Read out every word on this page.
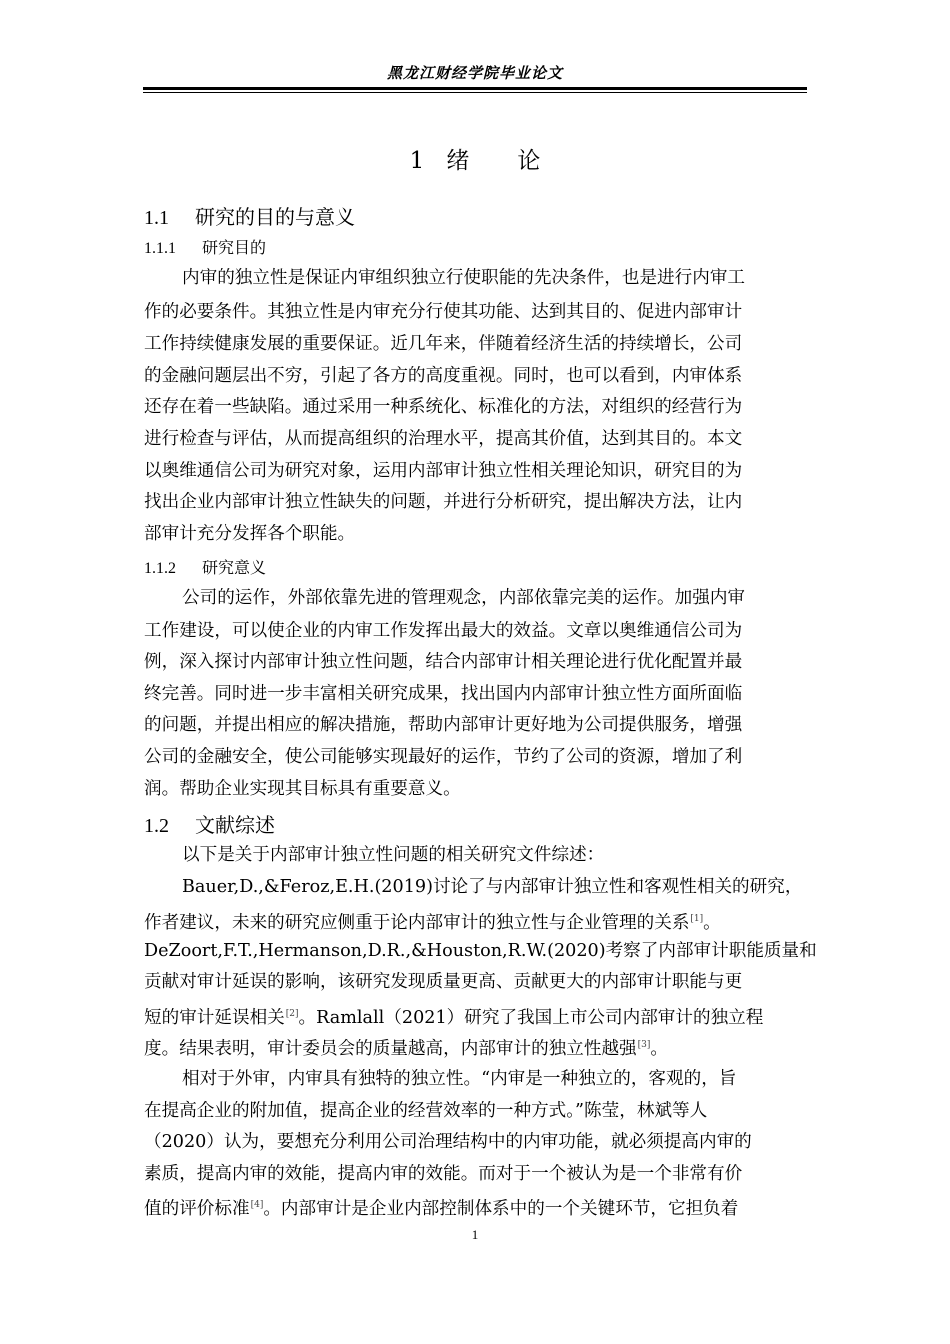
黑龙江财经学院毕业论文
1 绪 论
1.1 研究的目的与意义
1.1.1 研究目的
内审的独立性是保证内审组织独立行使职能的先决条件，也是进行内审工
作的必要条件。其独立性是内审充分行使其功能、达到其目的、促进内部审计
工作持续健康发展的重要保证。近几年来，伴随着经济生活的持续增长，公司
的金融问题层出不穷，引起了各方的高度重视。同时，也可以看到，内审体系
还存在着一些缺陷。通过采用一种系统化、标准化的方法，对组织的经营行为
进行检查与评估，从而提高组织的治理水平，提高其价值，达到其目的。本文
以奥维通信公司为研究对象，运用内部审计独立性相关理论知识，研究目的为
找出企业内部审计独立性缺失的问题，并进行分析研究，提出解决方法，让内
部审计充分发挥各个职能。
1.1.2 研究意义
公司的运作，外部依靠先进的管理观念，内部依靠完美的运作。加强内审
工作建设，可以使企业的内审工作发挥出最大的效益。文章以奥维通信公司为
例，深入探讨内部审计独立性问题，结合内部审计相关理论进行优化配置并最
终完善。同时进一步丰富相关研究成果，找出国内内部审计独立性方面所面临
的问题，并提出相应的解决措施，帮助内部审计更好地为公司提供服务，增强
公司的金融安全，使公司能够实现最好的运作，节约了公司的资源，增加了利
润。帮助企业实现其目标具有重要意义。
1.2 文献综述
以下是关于内部审计独立性问题的相关研究文件综述：
Bauer,D.,&Feroz,E.H.(2019)讨论了与内部审计独立性和客观性相关的研究，
作者建议，未来的研究应侧重于论内部审计的独立性与企业管理的关系[1]。
DeZoort,F.T.,Hermanson,D.R.,&Houston,R.W.(2020)考察了内部审计职能质量和
贡献对审计延误的影响，该研究发现质量更高、贡献更大的内部审计职能与更
短的审计延误相关[2]。Ramlall（2021）研究了我国上市公司内部审计的独立程
度。结果表明，审计委员会的质量越高，内部审计的独立性越强[3]。
相对于外审，内审具有独特的独立性。“内审是一种独立的，客观的，旨
在提高企业的附加值，提高企业的经营效率的一种方式。”陈莹，林斌等人
（2020）认为，要想充分利用公司治理结构中的内审功能，就必须提高内审的
素质，提高内审的效能，提高内审的效能。而对于一个被认为是一个非常有价
值的评价标准[4]。内部审计是企业内部控制体系中的一个关键环节，它担负着
1
